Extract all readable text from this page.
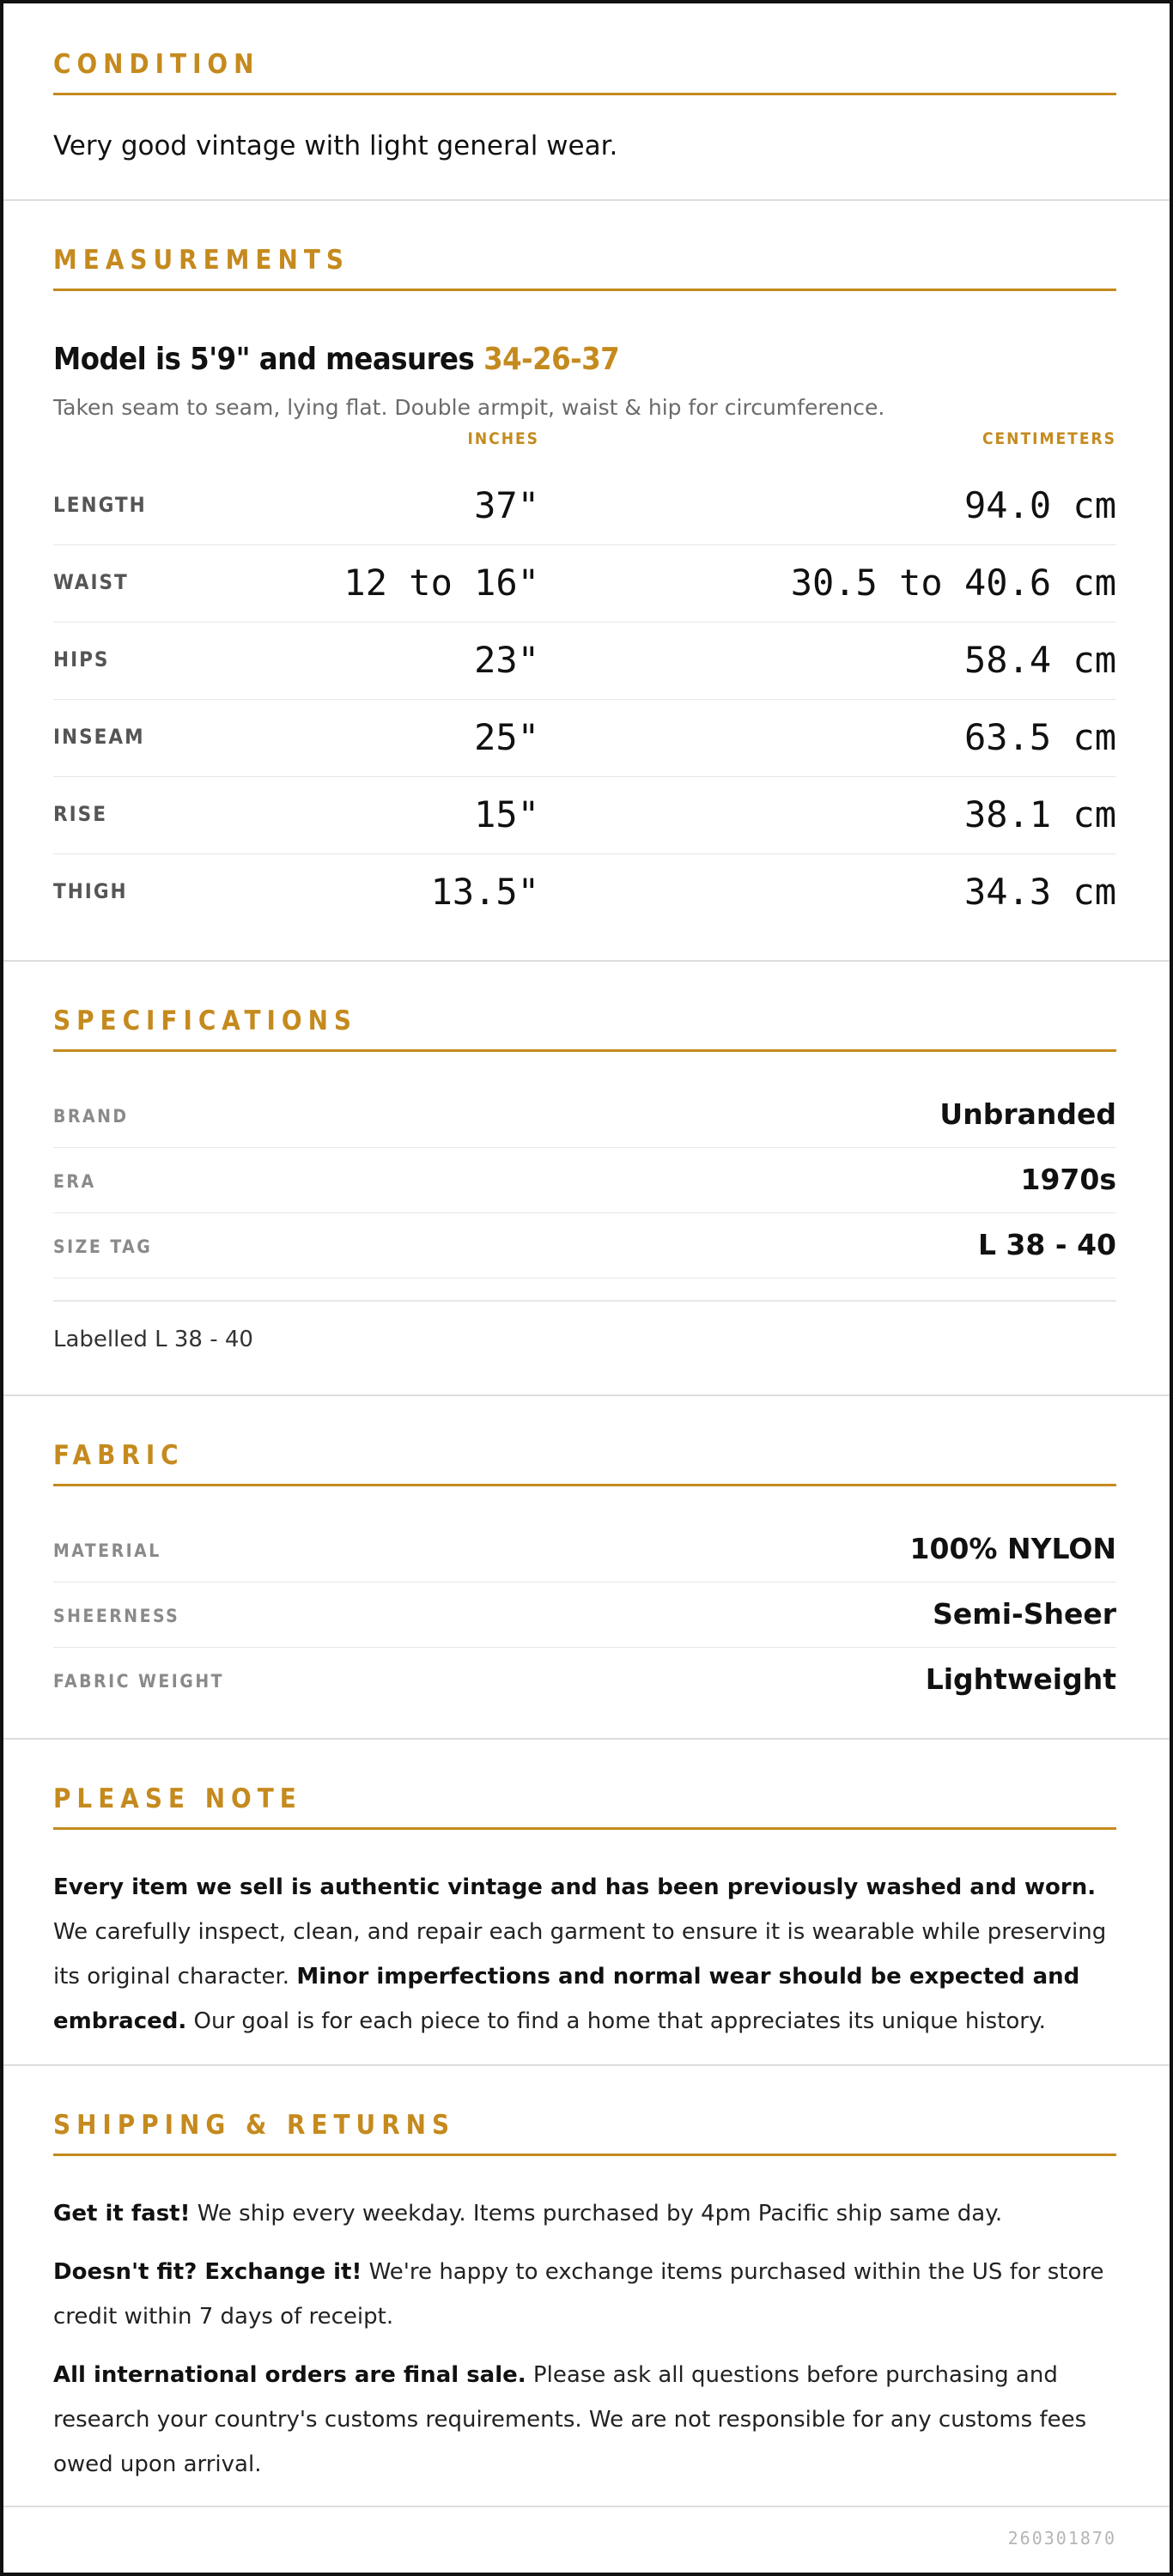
CONDITION
Very good vintage with light general wear.
MEASUREMENTS
Model is 5'9" and measures 34-26-37
Taken seam to seam, lying flat. Double armpit, waist & hip for circumference.
INCHES	CENTIMETERS
LENGTH	37"	94.0 cm
WAIST	12 to 16"	30.5 to 40.6 cm
HIPS	23"	58.4 cm
INSEAM	25"	63.5 cm
RISE	15"	38.1 cm
THIGH	13.5"	34.3 cm
SPECIFICATIONS
BRAND	Unbranded
ERA	1970s
SIZE TAG	L 38 - 40
Labelled L 38 - 40
FABRIC
MATERIAL	100% NYLON
SHEERNESS	Semi-Sheer
FABRIC WEIGHT	Lightweight
PLEASE NOTE
Every item we sell is authentic vintage and has been previously washed and worn. We carefully inspect, clean, and repair each garment to ensure it is wearable while preserving its original character. Minor imperfections and normal wear should be expected and embraced. Our goal is for each piece to find a home that appreciates its unique history.
SHIPPING & RETURNS

Get it fast! We ship every weekday. Items purchased by 4pm Pacific ship same day.

Doesn't fit? Exchange it! We're happy to exchange items purchased within the US for store credit within 7 days of receipt.

All international orders are final sale. Please ask all questions before purchasing and research your country's customs requirements. We are not responsible for any customs fees owed upon arrival.

260301870
